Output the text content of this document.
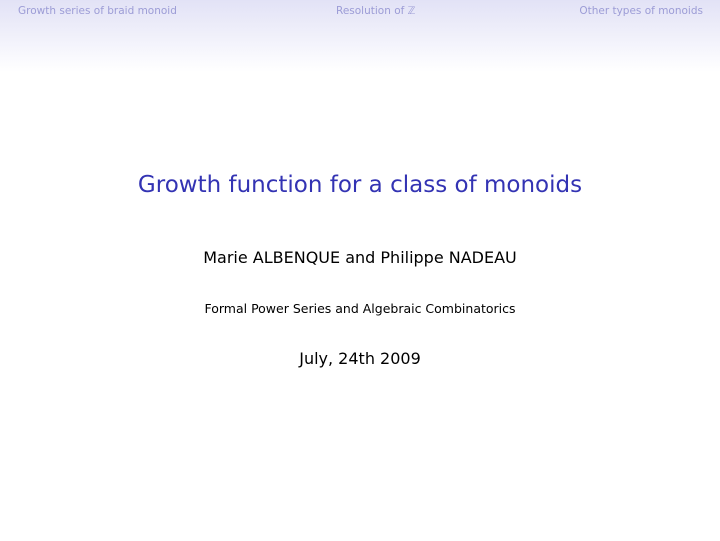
Growth series of braid monoid	Resolution of ℤ	Other types of monoids
Growth function for a class of monoids
Marie ALBENQUE and Philippe NADEAU
Formal Power Series and Algebraic Combinatorics
July, 24th 2009
